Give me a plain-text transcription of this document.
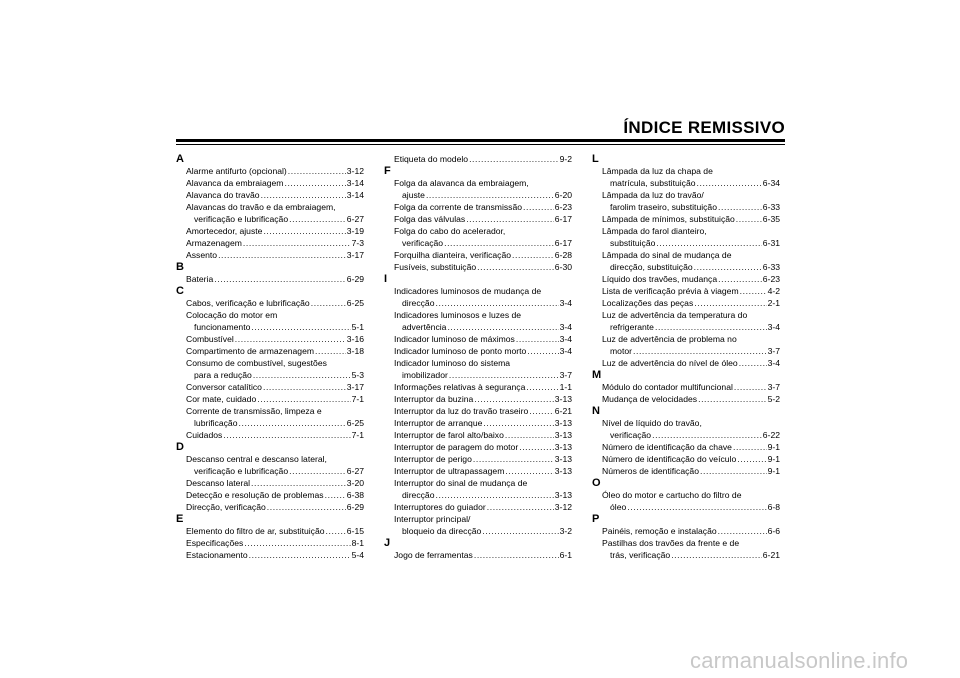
ÍNDICE REMISSIVO
A
Alarme antifurto (opcional) .....	3-12
Alavanca da embraiagem .....	3-14
Alavanca do travão .....	3-14
Alavancas do travão e da embraiagem,
verificação e lubrificação .....	6-27
Amortecedor, ajuste .....	3-19
Armazenagem .....	7-3
Assento .....	3-17
B
Bateria .....	6-29
C
Cabos, verificação e lubrificação .....	6-25
Colocação do motor em
funcionamento .....	5-1
Combustível .....	3-16
Compartimento de armazenagem .....	3-18
Consumo de combustível, sugestões
para a redução .....	5-3
Conversor catalítico .....	3-17
Cor mate, cuidado .....	7-1
Corrente de transmissão, limpeza e
lubrificação .....	6-25
Cuidados .....	7-1
D
Descanso central e descanso lateral,
verificação e lubrificação .....	6-27
Descanso lateral .....	3-20
Detecção e resolução de problemas .....	6-38
Direcção, verificação .....	6-29
E
Elemento do filtro de ar, substituição .....	6-15
Especificações .....	8-1
Estacionamento .....	5-4
Etiqueta do modelo .....	9-2
F
Folga da alavanca da embraiagem,
ajuste .....	6-20
Folga da corrente de transmissão .....	6-23
Folga das válvulas .....	6-17
Folga do cabo do acelerador,
verificação .....	6-17
Forquilha dianteira, verificação .....	6-28
Fusíveis, substituição .....	6-30
I
Indicadores luminosos de mudança de
direcção .....	3-4
Indicadores luminosos e luzes de
advertência .....	3-4
Indicador luminoso de máximos .....	3-4
Indicador luminoso de ponto morto .....	3-4
Indicador luminoso do sistema
imobilizador .....	3-7
Informações relativas à segurança .....	1-1
Interruptor da buzina .....	3-13
Interruptor da luz do travão traseiro .....	6-21
Interruptor de arranque .....	3-13
Interruptor de farol alto/baixo .....	3-13
Interruptor de paragem do motor .....	3-13
Interruptor de perigo .....	3-13
Interruptor de ultrapassagem .....	3-13
Interruptor do sinal de mudança de
direcção .....	3-13
Interruptores do guiador .....	3-12
Interruptor principal/
bloqueio da direcção .....	3-2
J
Jogo de ferramentas .....	6-1
L
Lâmpada da luz da chapa de
matrícula, substituição .....	6-34
Lâmpada da luz do travão/
farolim traseiro, substituição .....	6-33
Lâmpada de mínimos, substituição .....	6-35
Lâmpada do farol dianteiro,
substituição .....	6-31
Lâmpada do sinal de mudança de
direcção, substituição .....	6-33
Líquido dos travões, mudança .....	6-23
Lista de verificação prévia à viagem .....	4-2
Localizações das peças .....	2-1
Luz de advertência da temperatura do
refrigerante .....	3-4
Luz de advertência de problema no
motor .....	3-7
Luz de advertência do nível de óleo .....	3-4
M
Módulo do contador multifuncional .....	3-7
Mudança de velocidades .....	5-2
N
Nível de líquido do travão,
verificação .....	6-22
Número de identificação da chave .....	9-1
Número de identificação do veículo .....	9-1
Números de identificação .....	9-1
O
Óleo do motor e cartucho do filtro de
óleo .....	6-8
P
Painéis, remoção e instalação .....	6-6
Pastilhas dos travões da frente e de
trás, verificação .....	6-21
carmanualsonline.info
